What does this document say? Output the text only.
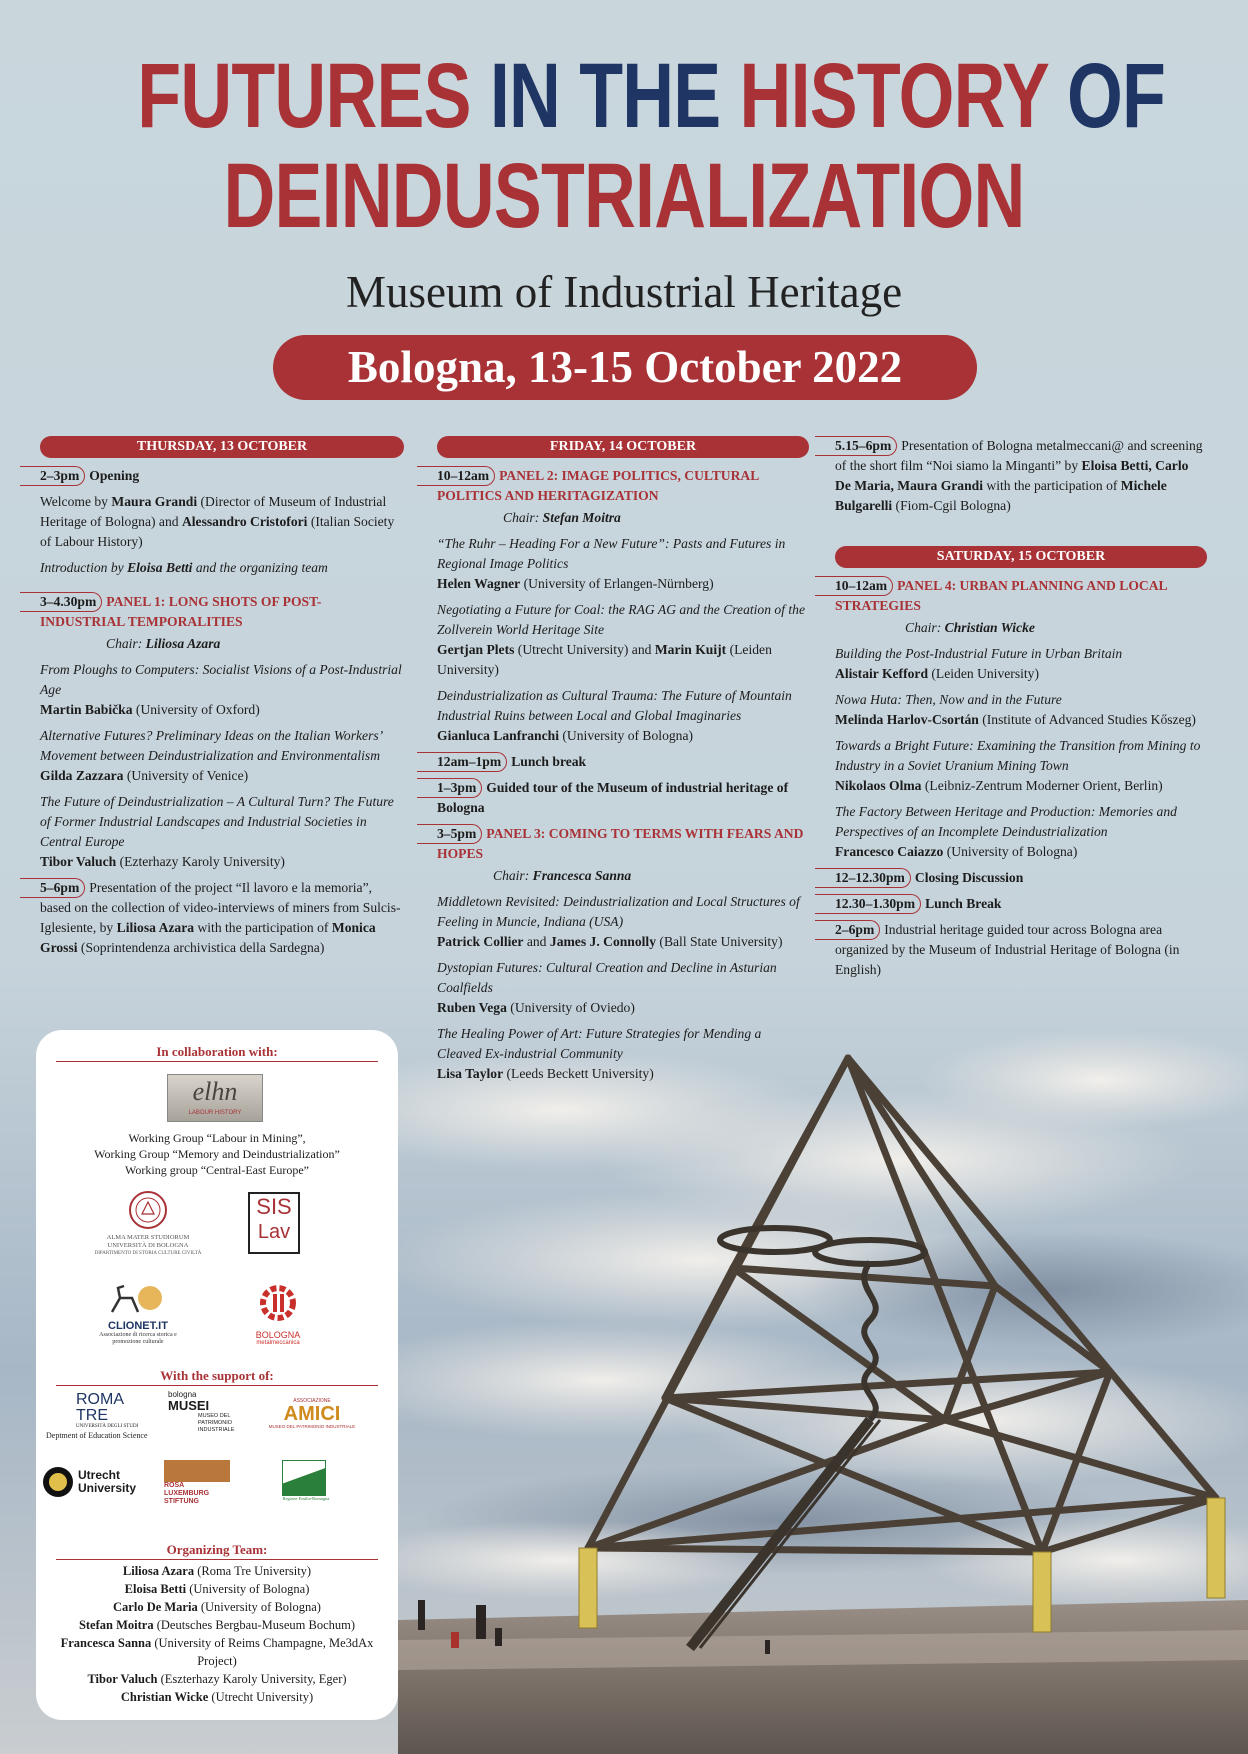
FUTURES IN THE HISTORY OF
DEINDUSTRIALIZATION
Museum of Industrial Heritage
Bologna, 13-15 October 2022
THURSDAY, 13 OCTOBER
2–3pm Opening
Welcome by Maura Grandi (Director of Museum of Industrial Heritage of Bologna) and Alessandro Cristofori (Italian Society of Labour History)
Introduction by Eloisa Betti and the organizing team
3–4.30pm PANEL 1: LONG SHOTS OF POST-INDUSTRIAL TEMPORALITIES
Chair: Liliosa Azara
From Ploughs to Computers: Socialist Visions of a Post-Industrial Age
Martin Babička (University of Oxford)
Alternative Futures? Preliminary Ideas on the Italian Workers’ Movement between Deindustrialization and Environmentalism
Gilda Zazzara (University of Venice)
The Future of Deindustrialization – A Cultural Turn? The Future of Former Industrial Landscapes and Industrial Societies in Central Europe
Tibor Valuch (Ezterhazy Karoly University)
5–6pm Presentation of the project “Il lavoro e la memoria”, based on the collection of video-interviews of miners from Sulcis-Iglesiente, by Liliosa Azara with the participation of Monica Grossi (Soprintendenza archivistica della Sardegna)
FRIDAY, 14 OCTOBER
10–12am PANEL 2: IMAGE POLITICS, CULTURAL POLITICS AND HERITAGIZATION
Chair: Stefan Moitra
“The Ruhr – Heading For a New Future”: Pasts and Futures in Regional Image Politics
Helen Wagner (University of Erlangen-Nürnberg)
Negotiating a Future for Coal: the RAG AG and the Creation of the Zollverein World Heritage Site
Gertjan Plets (Utrecht University) and Marin Kuijt (Leiden University)
Deindustrialization as Cultural Trauma: The Future of Mountain Industrial Ruins between Local and Global Imaginaries
Gianluca Lanfranchi (University of Bologna)
12am–1pm Lunch break
1–3pm Guided tour of the Museum of industrial heritage of Bologna
3–5pm PANEL 3: COMING TO TERMS WITH FEARS AND HOPES
Chair: Francesca Sanna
Middletown Revisited: Deindustrialization and Local Structures of Feeling in Muncie, Indiana (USA)
Patrick Collier and James J. Connolly (Ball State University)
Dystopian Futures: Cultural Creation and Decline in Asturian Coalfields
Ruben Vega (University of Oviedo)
The Healing Power of Art: Future Strategies for Mending a Cleaved Ex-industrial Community
Lisa Taylor (Leeds Beckett University)
5.15–6pm Presentation of Bologna metalmeccani@ and screening of the short film “Noi siamo la Minganti” by Eloisa Betti, Carlo De Maria, Maura Grandi with the participation of Michele Bulgarelli (Fiom-Cgil Bologna)
SATURDAY, 15 OCTOBER
10–12am PANEL 4: URBAN PLANNING AND LOCAL STRATEGIES
Chair: Christian Wicke
Building the Post-Industrial Future in Urban Britain
Alistair Kefford (Leiden University)
Nowa Huta: Then, Now and in the Future
Melinda Harlov-Csortán (Institute of Advanced Studies Kőszeg)
Towards a Bright Future: Examining the Transition from Mining to Industry in a Soviet Uranium Mining Town
Nikolaos Olma (Leibniz-Zentrum Moderner Orient, Berlin)
The Factory Between Heritage and Production: Memories and Perspectives of an Incomplete Deindustrialization
Francesco Caiazzo (University of Bologna)
12–12.30pm Closing Discussion
12.30–1.30pm Lunch Break
2–6pm Industrial heritage guided tour across Bologna area organized by the Museum of Industrial Heritage of Bologna (in English)
In collaboration with:
elhn
LABOUR HISTORY
Working Group “Labour in Mining”,
Working Group “Memory and Deindustrialization”
Working group “Central-East Europe”
ALMA MATER STUDIORUM
UNIVERSITÀ DI BOLOGNA
DIPARTIMENTO DI STORIA CULTURE CIVILTÀ
SIS
Lav
CLIONET.IT
Associazione di ricerca storica e promozione culturale
BOLOGNA
metalmeccanica
With the support of:
ROMA
TRE
UNIVERSITÀ DEGLI STUDI
Deptment of Education Science
bologna
MUSEI
MUSEO DEL PATRIMONIO INDUSTRIALE
ASSOCIAZIONE
AMICI
MUSEO DEL PATRIMONIO INDUSTRIALE
Utrecht
University	ROSA
LUXEMBURG
STIFTUNG	Regione Emilia-Romagna
Organizing Team:
Liliosa Azara (Roma Tre University)
Eloisa Betti (University of Bologna)
Carlo De Maria (University of Bologna)
Stefan Moitra (Deutsches Bergbau-Museum Bochum)
Francesca Sanna (University of Reims Champagne, Me3dAx Project)
Tibor Valuch (Eszterhazy Karoly University, Eger)
Christian Wicke (Utrecht University)
